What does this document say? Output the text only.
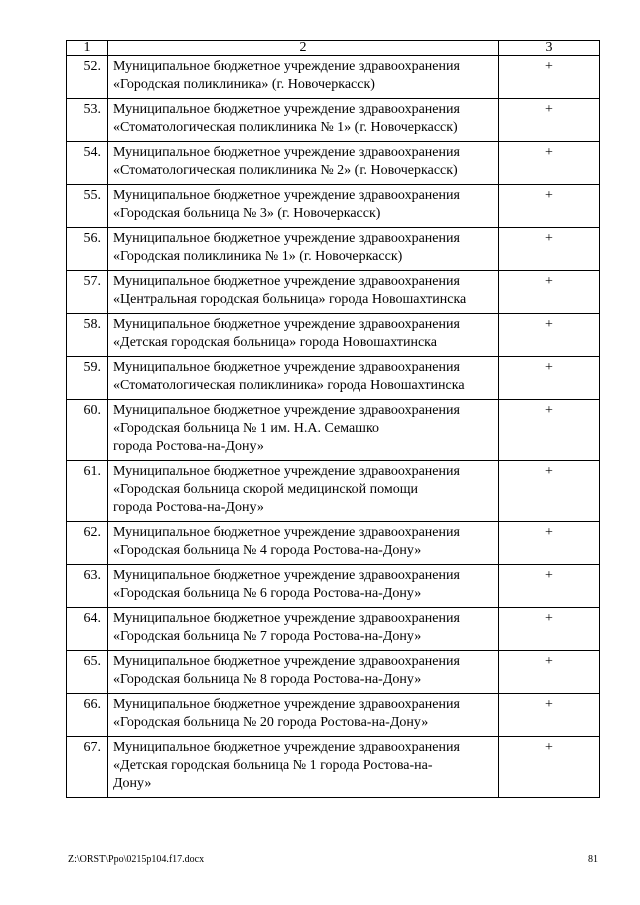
1	2	3
52.	Муниципальное бюджетное учреждение здравоохранения
«Городская поликлиника» (г. Новочеркасск)	+
53.	Муниципальное бюджетное учреждение здравоохранения
«Стоматологическая поликлиника № 1» (г. Новочеркасск)	+
54.	Муниципальное бюджетное учреждение здравоохранения
«Стоматологическая поликлиника № 2» (г. Новочеркасск)	+
55.	Муниципальное бюджетное учреждение здравоохранения
«Городская больница № 3» (г. Новочеркасск)	+
56.	Муниципальное бюджетное учреждение здравоохранения
«Городская поликлиника № 1» (г. Новочеркасск)	+
57.	Муниципальное бюджетное учреждение здравоохранения
«Центральная городская больница» города Новошахтинска	+
58.	Муниципальное бюджетное учреждение здравоохранения
«Детская городская больница» города Новошахтинска	+
59.	Муниципальное бюджетное учреждение здравоохранения
«Стоматологическая поликлиника» города Новошахтинска	+
60.	Муниципальное бюджетное учреждение здравоохранения
«Городская больница № 1 им. Н.А. Семашко
города Ростова-на-Дону»	+
61.	Муниципальное бюджетное учреждение здравоохранения
«Городская больница скорой медицинской помощи
города Ростова-на-Дону»	+
62.	Муниципальное бюджетное учреждение здравоохранения
«Городская больница № 4 города Ростова-на-Дону»	+
63.	Муниципальное бюджетное учреждение здравоохранения
«Городская больница № 6 города Ростова-на-Дону»	+
64.	Муниципальное бюджетное учреждение здравоохранения
«Городская больница № 7 города Ростова-на-Дону»	+
65.	Муниципальное бюджетное учреждение здравоохранения
«Городская больница № 8 города Ростова-на-Дону»	+
66.	Муниципальное бюджетное учреждение здравоохранения
«Городская больница № 20 города Ростова-на-Дону»	+
67.	Муниципальное бюджетное учреждение здравоохранения
«Детская городская больница № 1 города Ростова-на-
Дону»	+
Z:\ORST\Ppo\0215p104.f17.docx	81
